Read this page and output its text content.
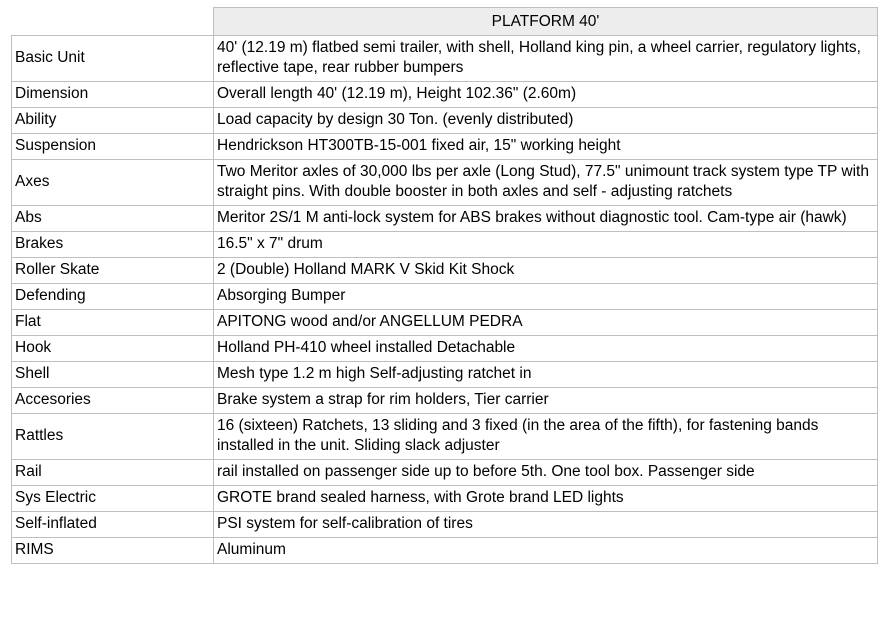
	PLATFORM 40'
Basic Unit	40' (12.19 m) flatbed semi trailer, with shell, Holland king pin, a wheel carrier, regulatory lights, reflective tape, rear rubber bumpers
Dimension	Overall length 40' (12.19 m), Height 102.36" (2.60m)
Ability	Load capacity by design 30 Ton. (evenly distributed)
Suspension	Hendrickson HT300TB-15-001 fixed air, 15" working height
Axes	Two Meritor axles of 30,000 lbs per axle (Long Stud), 77.5" unimount track system type TP with straight pins. With double booster in both axles and self - adjusting ratchets
Abs	Meritor 2S/1 M anti-lock system for ABS brakes without diagnostic tool. Cam-type air (hawk)
Brakes	16.5" x 7" drum
Roller Skate	2 (Double) Holland MARK V Skid Kit Shock
Defending	Absorging Bumper
Flat	APITONG wood and/or ANGELLUM PEDRA
Hook	Holland PH-410 wheel installed Detachable
Shell	Mesh type 1.2 m high Self-adjusting ratchet in
Accesories	Brake system a strap for rim holders, Tier carrier
Rattles	16 (sixteen) Ratchets, 13 sliding and 3 fixed (in the area of the fifth), for fastening bands installed in the unit. Sliding slack adjuster
Rail	rail installed on passenger side up to before 5th. One tool box. Passenger side
Sys Electric	GROTE brand sealed harness, with Grote brand LED lights
Self-inflated	PSI system for self-calibration of tires
RIMS	Aluminum
